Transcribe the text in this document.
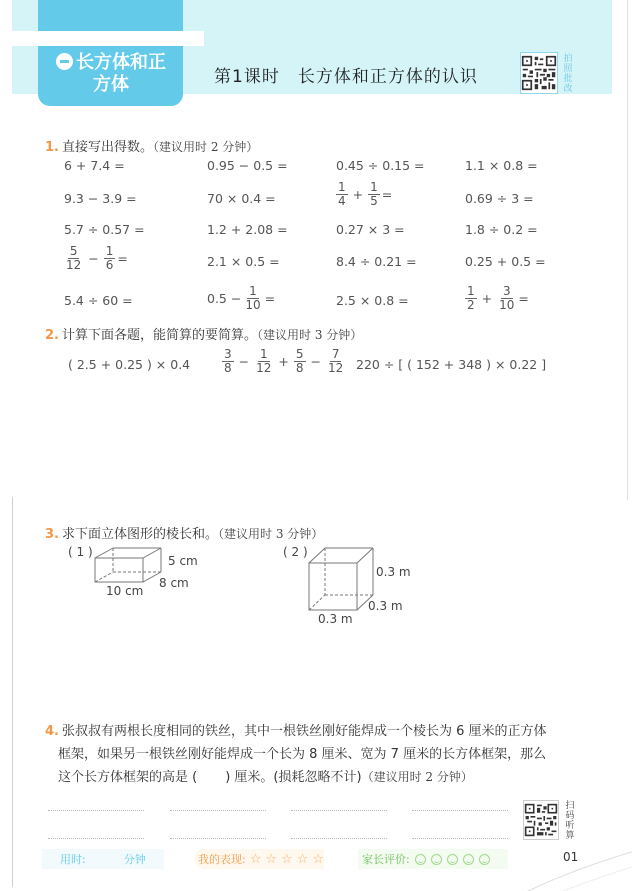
长方体和正
方体	第1课时 长方体和正方体的认识
拍
照
批
改
1. 直接写出得数。（建议用时 2 分钟）
6 + 7.4 =	0.95 − 0.5 =	0.45 ÷ 0.15 =	1.1 × 0.8 =
9.3 − 3.9 =	70 × 0.4 =	$\frac{1}{4} + \frac{1}{5}$ =	0.69 ÷ 3 =
5.7 ÷ 0.57 =	1.2 + 2.08 =	0.27 × 3 =	1.8 ÷ 0.2 =
$\frac{5}{12} - \frac{1}{6}$ =	2.1 × 0.5 =	8.4 ÷ 0.21 =	0.25 + 0.5 =
5.4 ÷ 60 =	$0.5 - \frac{1}{10}$ =	2.5 × 0.8 =	$\frac{1}{2} + \frac{3}{10}$ =
2. 计算下面各题，能简算的要简算。（建议用时 3 分钟）
( 2.5 + 0.25 ) × 0.4	$\frac{3}{8} - \frac{1}{12} + \frac{5}{8} - \frac{7}{12} 220$ ÷ [ ( 152 + 348 ) × 0.22 ]
3. 求下面立体图形的棱长和。（建议用时 3 分钟）
( 1 )
5 cm
8 cm
10 cm
( 2 )
0.3 m
0.3 m
0.3 m
4. 张叔叔有两根长度相同的铁丝，其中一根铁丝刚好能焊成一个棱长为 6 厘米的正方体
框架，如果另一根铁丝刚好能焊成一个长为 8 厘米、宽为 7 厘米的长方体框架，那么
这个长方体框架的高是 ( ) 厘米。(损耗忽略不计)（建议用时 2 分钟）
扫
码
听
算
用时:	分钟	我的表现: ☆ ☆ ☆ ☆ ☆	家长评价:	01
